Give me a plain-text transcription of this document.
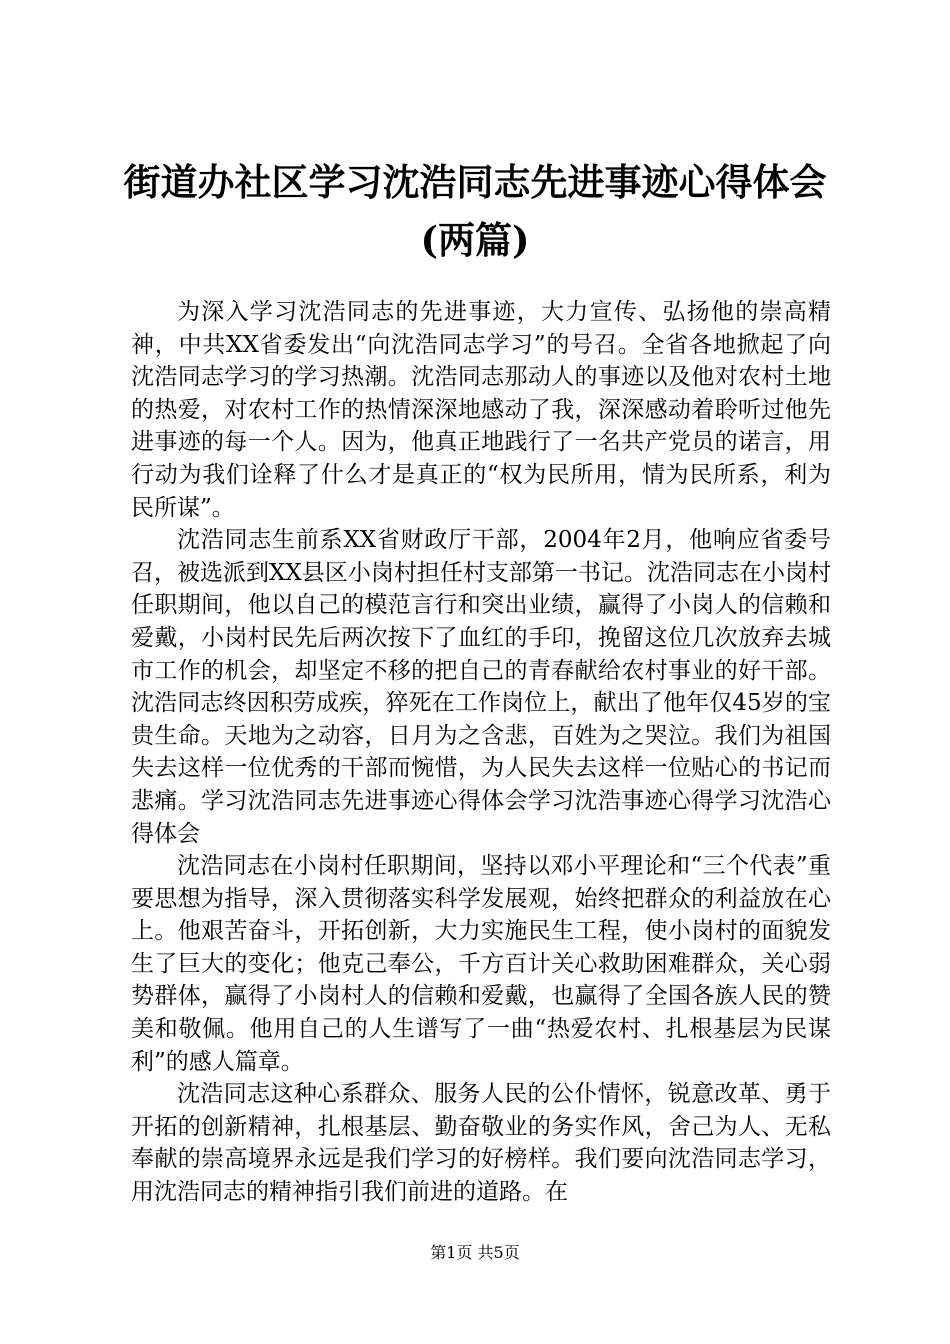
街道办社区学习沈浩同志先进事迹心得体会
(两篇)

为深入学习沈浩同志的先进事迹，大力宣传、弘扬他的崇高精神，中共XX省委发出“向沈浩同志学习”的号召。全省各地掀起了向沈浩同志学习的学习热潮。沈浩同志那动人的事迹以及他对农村土地的热爱，对农村工作的热情深深地感动了我，深深感动着聆听过他先进事迹的每一个人。因为，他真正地践行了一名共产党员的诺言，用行动为我们诠释了什么才是真正的“权为民所用，情为民所系，利为民所谋”。

沈浩同志生前系XX省财政厅干部，2004年2月，他响应省委号召，被选派到XX县区小岗村担任村支部第一书记。沈浩同志在小岗村任职期间，他以自己的模范言行和突出业绩，赢得了小岗人的信赖和爱戴，小岗村民先后两次按下了血红的手印，挽留这位几次放弃去城市工作的机会，却坚定不移的把自己的青春献给农村事业的好干部。沈浩同志终因积劳成疾，猝死在工作岗位上，献出了他年仅45岁的宝贵生命。天地为之动容，日月为之含悲，百姓为之哭泣。我们为祖国失去这样一位优秀的干部而惋惜，为人民失去这样一位贴心的书记而悲痛。学习沈浩同志先进事迹心得体会学习沈浩事迹心得学习沈浩心得体会

沈浩同志在小岗村任职期间，坚持以邓小平理论和“三个代表”重要思想为指导，深入贯彻落实科学发展观，始终把群众的利益放在心上。他艰苦奋斗，开拓创新，大力实施民生工程，使小岗村的面貌发生了巨大的变化；他克己奉公，千方百计关心救助困难群众，关心弱势群体，赢得了小岗村人的信赖和爱戴，也赢得了全国各族人民的赞美和敬佩。他用自己的人生谱写了一曲“热爱农村、扎根基层为民谋利”的感人篇章。

沈浩同志这种心系群众、服务人民的公仆情怀，锐意改革、勇于开拓的创新精神，扎根基层、勤奋敬业的务实作风，舍己为人、无私奉献的崇高境界永远是我们学习的好榜样。我们要向沈浩同志学习，用沈浩同志的精神指引我们前进的道路。在

第1页 共5页
